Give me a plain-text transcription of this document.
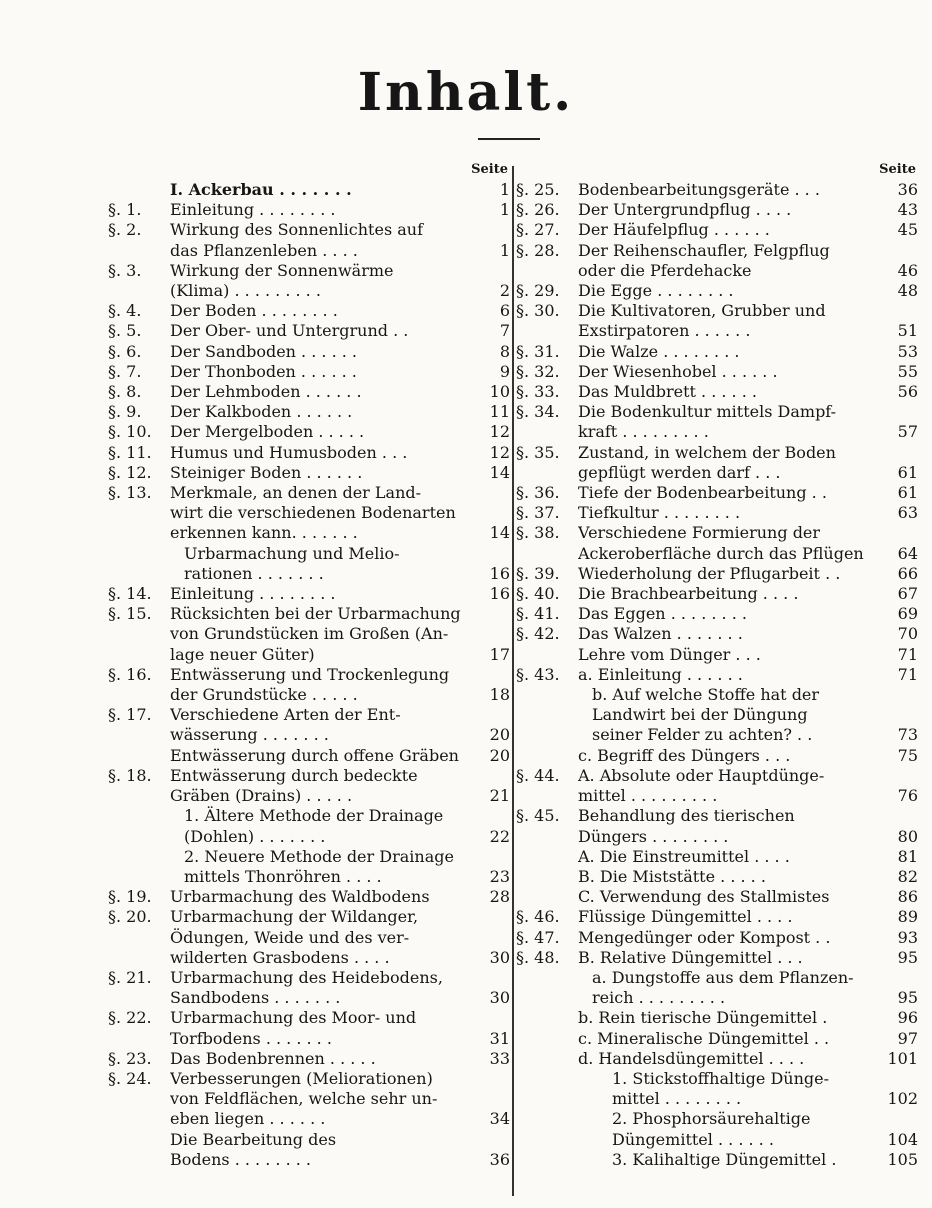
Inhalt.
Seite
I. Ackerbau . . . . . . .	1
§. 1.	Einleitung . . . . . . . .	1
§. 2.	Wirkung des Sonnenlichtes auf
das Pflanzenleben . . . .	1
§. 3.	Wirkung der Sonnenwärme
(Klima) . . . . . . . . .	2
§. 4.	Der Boden . . . . . . . .	6
§. 5.	Der Ober- und Untergrund . .	7
§. 6.	Der Sandboden . . . . . .	8
§. 7.	Der Thonboden . . . . . .	9
§. 8.	Der Lehmboden . . . . . .	10
§. 9.	Der Kalkboden . . . . . .	11
§. 10.	Der Mergelboden . . . . .	12
§. 11.	Humus und Humusboden . . .	12
§. 12.	Steiniger Boden . . . . . .	14
§. 13.	Merkmale, an denen der Land-
wirt die verschiedenen Bodenarten
erkennen kann. . . . . . .	14
Urbarmachung und Melio-
rationen . . . . . . .	16
§. 14.	Einleitung . . . . . . . .	16
§. 15.	Rücksichten bei der Urbarmachung
von Grundstücken im Großen (An-
lage neuer Güter)	17
§. 16.	Entwässerung und Trockenlegung
der Grundstücke . . . . .	18
§. 17.	Verschiedene Arten der Ent-
wässerung . . . . . . .	20
Entwässerung durch offene Gräben	20
§. 18.	Entwässerung durch bedeckte
Gräben (Drains) . . . . .	21
1. Ältere Methode der Drainage
(Dohlen) . . . . . . .	22
2. Neuere Methode der Drainage
mittels Thonröhren . . . .	23
§. 19.	Urbarmachung des Waldbodens	28
§. 20.	Urbarmachung der Wildanger,
Ödungen, Weide und des ver-
wilderten Grasbodens . . . .	30
§. 21.	Urbarmachung des Heidebodens,
Sandbodens . . . . . . .	30
§. 22.	Urbarmachung des Moor- und
Torfbodens . . . . . . .	31
§. 23.	Das Bodenbrennen . . . . .	33
§. 24.	Verbesserungen (Meliorationen)
von Feldflächen, welche sehr un-
eben liegen . . . . . .	34
Die Bearbeitung des
Bodens . . . . . . . .	36
Seite
§. 25.	Bodenbearbeitungsgeräte . . .	36
§. 26.	Der Untergrundpflug . . . .	43
§. 27.	Der Häufelpflug . . . . . .	45
§. 28.	Der Reihenschaufler, Felgpflug
oder die Pferdehacke	46
§. 29.	Die Egge . . . . . . . .	48
§. 30.	Die Kultivatoren, Grubber und
Exstirpatoren . . . . . .	51
§. 31.	Die Walze . . . . . . . .	53
§. 32.	Der Wiesenhobel . . . . . .	55
§. 33.	Das Muldbrett . . . . . .	56
§. 34.	Die Bodenkultur mittels Dampf-
kraft . . . . . . . . .	57
§. 35.	Zustand, in welchem der Boden
gepflügt werden darf . . .	61
§. 36.	Tiefe der Bodenbearbeitung . .	61
§. 37.	Tiefkultur . . . . . . . .	63
§. 38.	Verschiedene Formierung der
Ackeroberfläche durch das Pflügen	64
§. 39.	Wiederholung der Pflugarbeit . .	66
§. 40.	Die Brachbearbeitung . . . .	67
§. 41.	Das Eggen . . . . . . . .	69
§. 42.	Das Walzen . . . . . . .	70
Lehre vom Dünger . . .	71
§. 43.	a. Einleitung . . . . . .	71
b. Auf welche Stoffe hat der
Landwirt bei der Düngung
seiner Felder zu achten? . .	73
c. Begriff des Düngers . . .	75
§. 44.	A. Absolute oder Hauptdünge-
mittel . . . . . . . . .	76
§. 45.	Behandlung des tierischen
Düngers . . . . . . . .	80
A. Die Einstreumittel . . . .	81
B. Die Miststätte . . . . .	82
C. Verwendung des Stallmistes	86
§. 46.	Flüssige Düngemittel . . . .	89
§. 47.	Mengedünger oder Kompost . .	93
§. 48.	B. Relative Düngemittel . . .	95
a. Dungstoffe aus dem Pflanzen-
reich . . . . . . . . .	95
b. Rein tierische Düngemittel .	96
c. Mineralische Düngemittel . .	97
d. Handelsdüngemittel . . . .	101
1. Stickstoffhaltige Dünge-
mittel . . . . . . . .	102
2. Phosphorsäurehaltige
Düngemittel . . . . . .	104
3. Kalihaltige Düngemittel .	105
